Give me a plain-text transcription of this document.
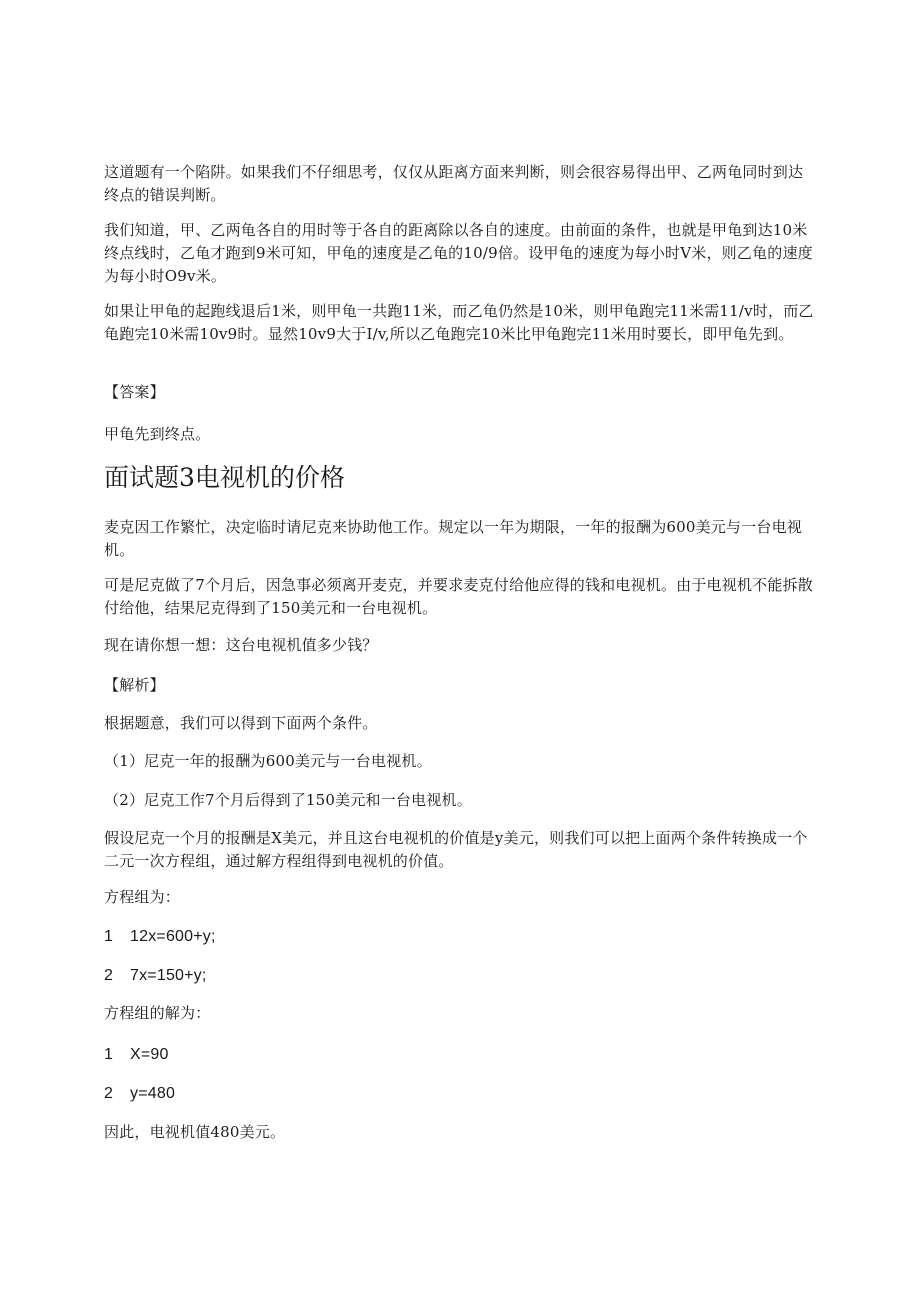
这道题有一个陷阱。如果我们不仔细思考，仅仅从距离方面来判断，则会很容易得出甲、乙两龟同时到达终点的错误判断。

我们知道，甲、乙两龟各自的用时等于各自的距离除以各自的速度。由前面的条件，也就是甲龟到达10米终点线时，乙龟才跑到9米可知，甲龟的速度是乙龟的10/9倍。设甲龟的速度为每小时V米，则乙龟的速度为每小时O9v米。

如果让甲龟的起跑线退后1米，则甲龟一共跑11米，而乙龟仍然是10米，则甲龟跑完11米需11/v时，而乙龟跑完10米需10v9时。显然10v9大于I∕v,所以乙龟跑完10米比甲龟跑完11米用时要长，即甲龟先到。

【答案】

甲龟先到终点。

面试题3电视机的价格

麦克因工作繁忙，决定临时请尼克来协助他工作。规定以一年为期限，一年的报酬为600美元与一台电视机。

可是尼克做了7个月后，因急事必须离开麦克，并要求麦克付给他应得的钱和电视机。由于电视机不能拆散付给他，结果尼克得到了150美元和一台电视机。

现在请你想一想：这台电视机值多少钱？

【解析】

根据题意，我们可以得到下面两个条件。

（1）尼克一年的报酬为600美元与一台电视机。

（2）尼克工作7个月后得到了150美元和一台电视机。

假设尼克一个月的报酬是X美元，并且这台电视机的价值是y美元，则我们可以把上面两个条件转换成一个二元一次方程组，通过解方程组得到电视机的价值。

方程组为：

1 12x=600+y;

2 7x=150+y;

方程组的解为：

1 X=90

2 y=480

因此，电视机值480美元。
